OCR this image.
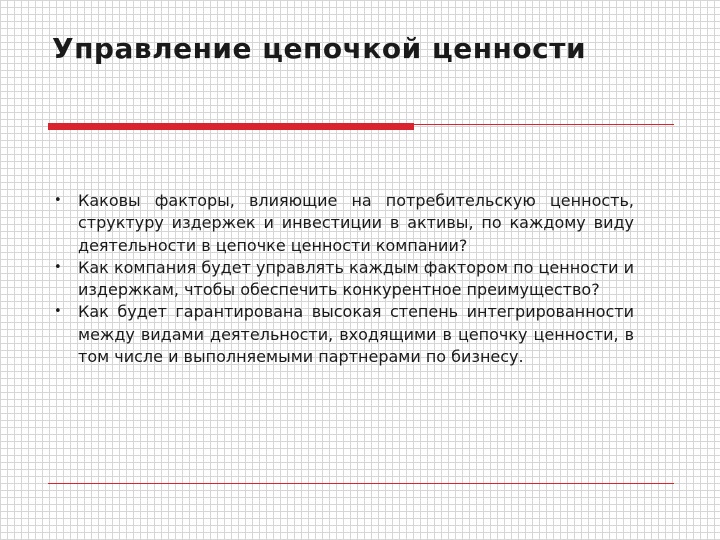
Управление цепочкой ценности
• Каковы факторы, влияющие на потребительскую ценность, структуру издержек и инвестиции в активы, по каждому виду деятельности в цепочке ценности компании?
• Как компания будет управлять каждым фактором по ценности и издержкам, чтобы обеспечить конкурентное преимущество?
• Как будет гарантирована высокая степень интегрированности между видами деятельности, входящими в цепочку ценности, в том числе и выполняемыми партнерами по бизнесу.
